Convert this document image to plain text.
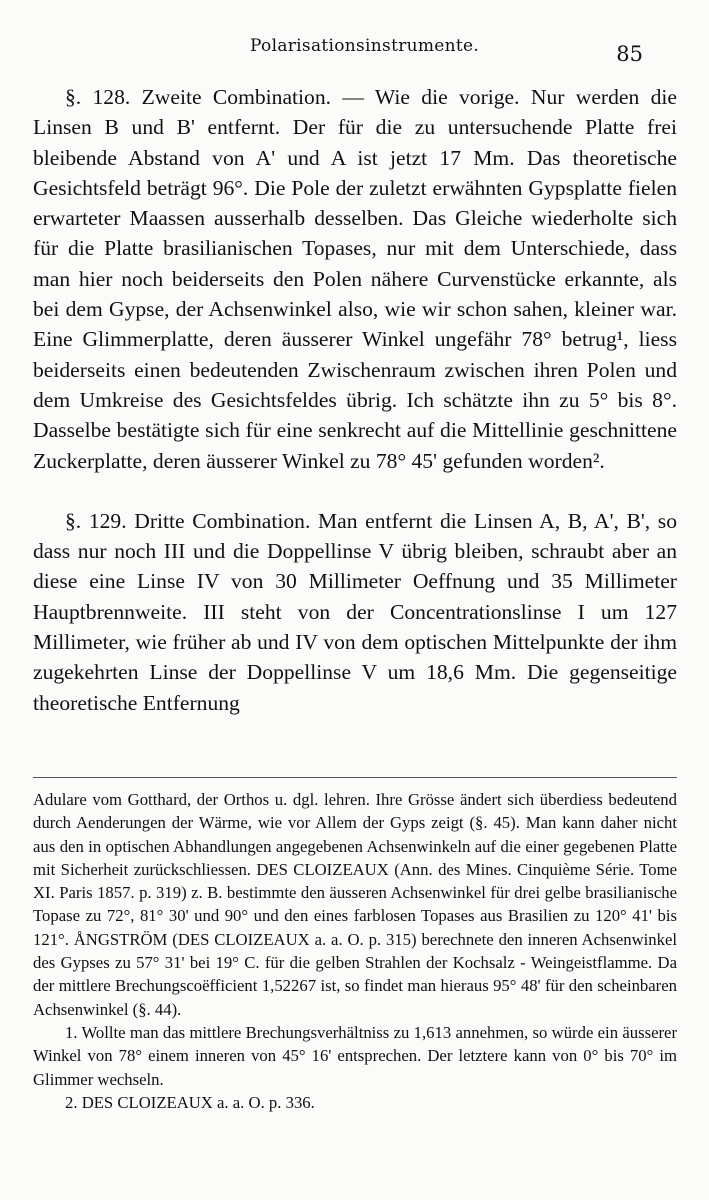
Polarisationsinstrumente.	85

§. 128. Zweite Combination. — Wie die vorige. Nur werden die Linsen B und B' entfernt. Der für die zu untersuchende Platte frei bleibende Abstand von A' und A ist jetzt 17 Mm. Das theoretische Gesichtsfeld beträgt 96°. Die Pole der zuletzt erwähnten Gypsplatte fielen erwarteter Maassen ausserhalb desselben. Das Gleiche wiederholte sich für die Platte brasilianischen Topases, nur mit dem Unterschiede, dass man hier noch beiderseits den Polen nähere Curvenstücke erkannte, als bei dem Gypse, der Achsenwinkel also, wie wir schon sahen, kleiner war. Eine Glimmerplatte, deren äusserer Winkel ungefähr 78° betrug¹, liess beiderseits einen bedeutenden Zwischenraum zwischen ihren Polen und dem Umkreise des Gesichtsfeldes übrig. Ich schätzte ihn zu 5° bis 8°. Dasselbe bestätigte sich für eine senkrecht auf die Mittellinie geschnittene Zuckerplatte, deren äusserer Winkel zu 78° 45' gefunden worden².

§. 129. Dritte Combination. Man entfernt die Linsen A, B, A', B', so dass nur noch III und die Doppellinse V übrig bleiben, schraubt aber an diese eine Linse IV von 30 Millimeter Oeffnung und 35 Millimeter Hauptbrennweite. III steht von der Concentrationslinse I um 127 Millimeter, wie früher ab und IV von dem optischen Mittelpunkte der ihm zugekehrten Linse der Doppellinse V um 18,6 Mm. Die gegenseitige theoretische Entfernung

Adulare vom Gotthard, der Orthos u. dgl. lehren. Ihre Grösse ändert sich überdiess bedeutend durch Aenderungen der Wärme, wie vor Allem der Gyps zeigt (§. 45). Man kann daher nicht aus den in optischen Abhandlungen angegebenen Achsenwinkeln auf die einer gegebenen Platte mit Sicherheit zurückschliessen. DES CLOIZEAUX (Ann. des Mines. Cinquième Série. Tome XI. Paris 1857. p. 319) z. B. bestimmte den äusseren Achsenwinkel für drei gelbe brasilianische Topase zu 72°, 81° 30' und 90° und den eines farblosen Topases aus Brasilien zu 120° 41' bis 121°. ÅNGSTRÖM (DES CLOIZEAUX a. a. O. p. 315) berechnete den inneren Achsenwinkel des Gypses zu 57° 31' bei 19° C. für die gelben Strahlen der Kochsalz - Weingeistflamme. Da der mittlere Brechungscoëfficient 1,52267 ist, so findet man hieraus 95° 48' für den scheinbaren Achsenwinkel (§. 44).

1. Wollte man das mittlere Brechungsverhältniss zu 1,613 annehmen, so würde ein äusserer Winkel von 78° einem inneren von 45° 16' entsprechen. Der letztere kann von 0° bis 70° im Glimmer wechseln.

2. DES CLOIZEAUX a. a. O. p. 336.
